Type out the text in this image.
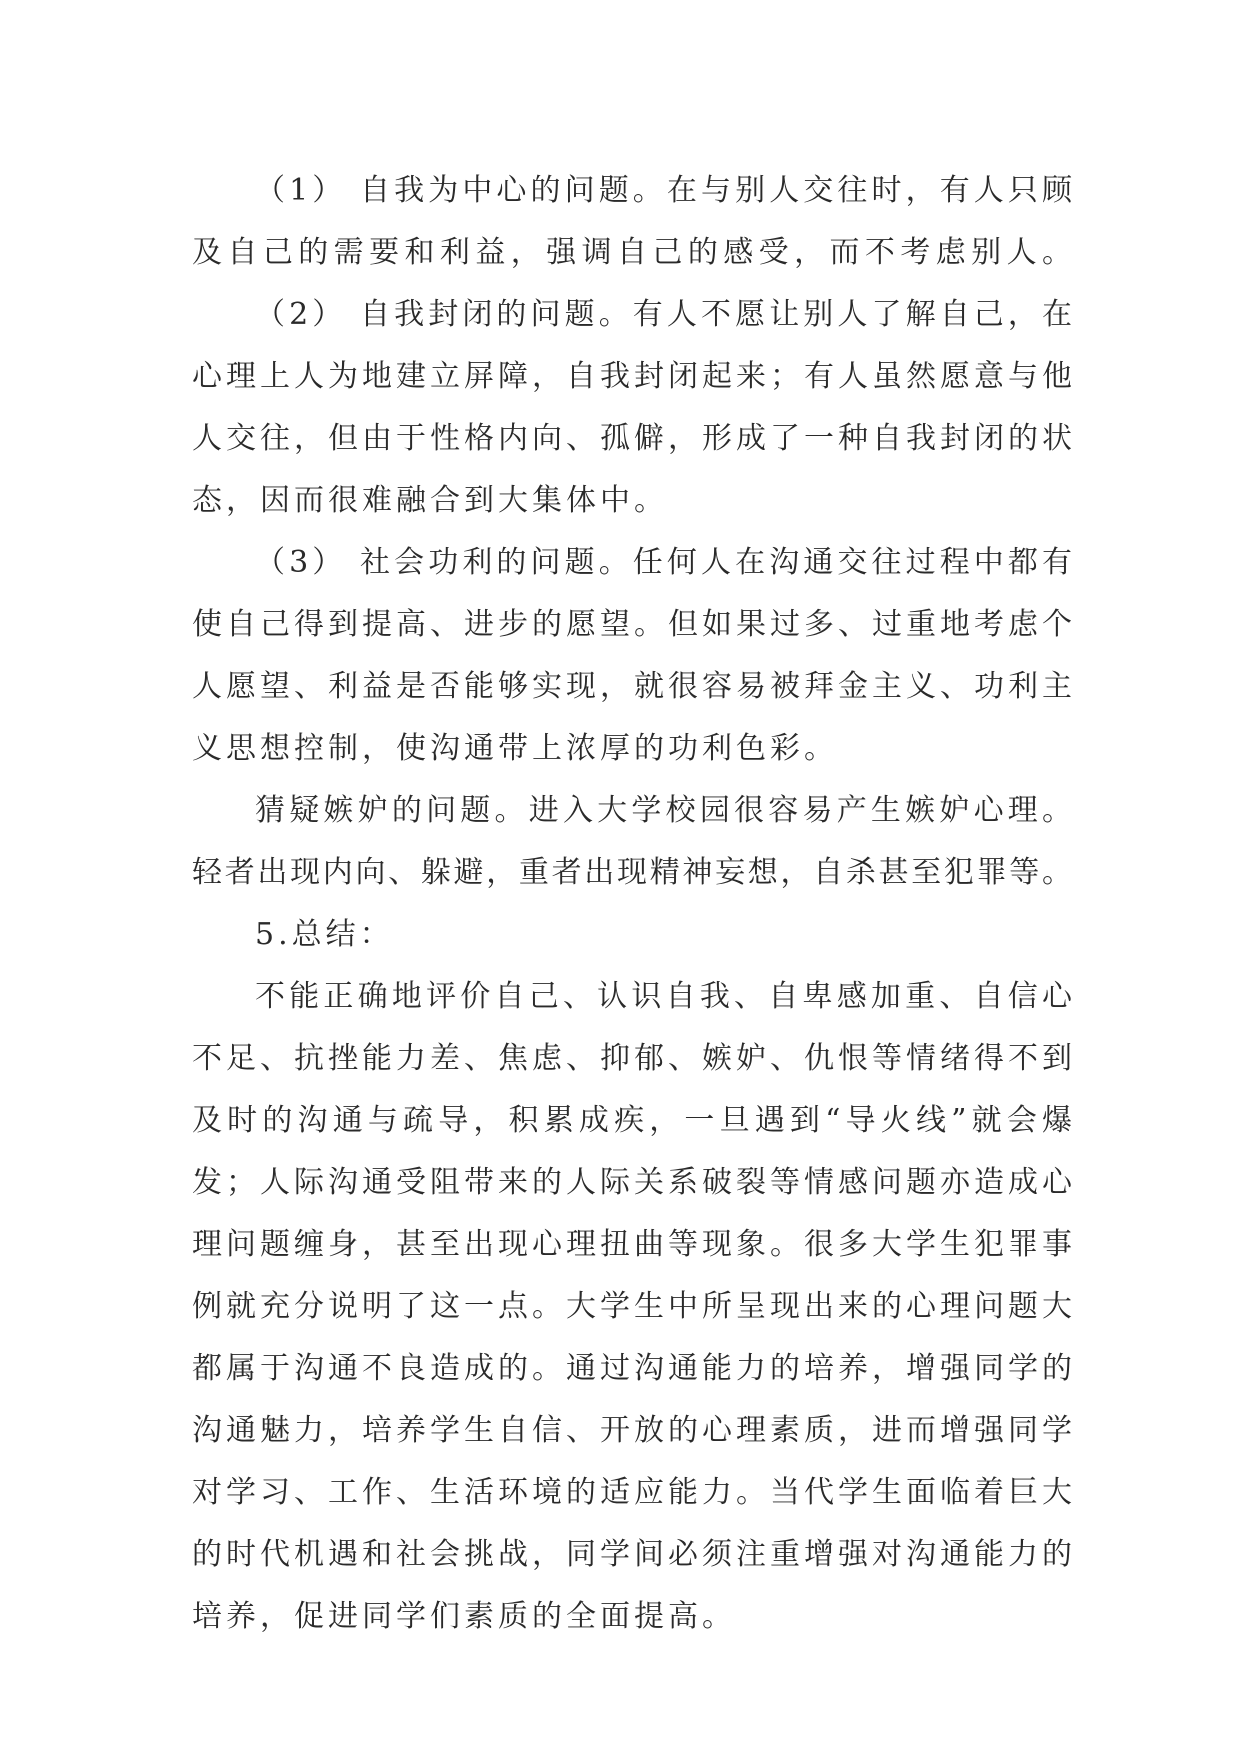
（1） 自我为中心的问题。在与别人交往时，有人只顾
及自己的需要和利益，强调自己的感受，而不考虑别人。
（2） 自我封闭的问题。有人不愿让别人了解自己，在
心理上人为地建立屏障，自我封闭起来；有人虽然愿意与他
人交往，但由于性格内向、孤僻，形成了一种自我封闭的状
态，因而很难融合到大集体中。
（3） 社会功利的问题。任何人在沟通交往过程中都有
使自己得到提高、进步的愿望。但如果过多、过重地考虑个
人愿望、利益是否能够实现，就很容易被拜金主义、功利主
义思想控制，使沟通带上浓厚的功利色彩。
猜疑嫉妒的问题。进入大学校园很容易产生嫉妒心理。
轻者出现内向、躲避，重者出现精神妄想，自杀甚至犯罪等。
5.总结：
不能正确地评价自己、认识自我、自卑感加重、自信心
不足、抗挫能力差、焦虑、抑郁、嫉妒、仇恨等情绪得不到
及时的沟通与疏导，积累成疾，一旦遇到“导火线”就会爆
发；人际沟通受阻带来的人际关系破裂等情感问题亦造成心
理问题缠身，甚至出现心理扭曲等现象。很多大学生犯罪事
例就充分说明了这一点。大学生中所呈现出来的心理问题大
都属于沟通不良造成的。通过沟通能力的培养，增强同学的
沟通魅力，培养学生自信、开放的心理素质，进而增强同学
对学习、工作、生活环境的适应能力。当代学生面临着巨大
的时代机遇和社会挑战，同学间必须注重增强对沟通能力的
培养，促进同学们素质的全面提高。
